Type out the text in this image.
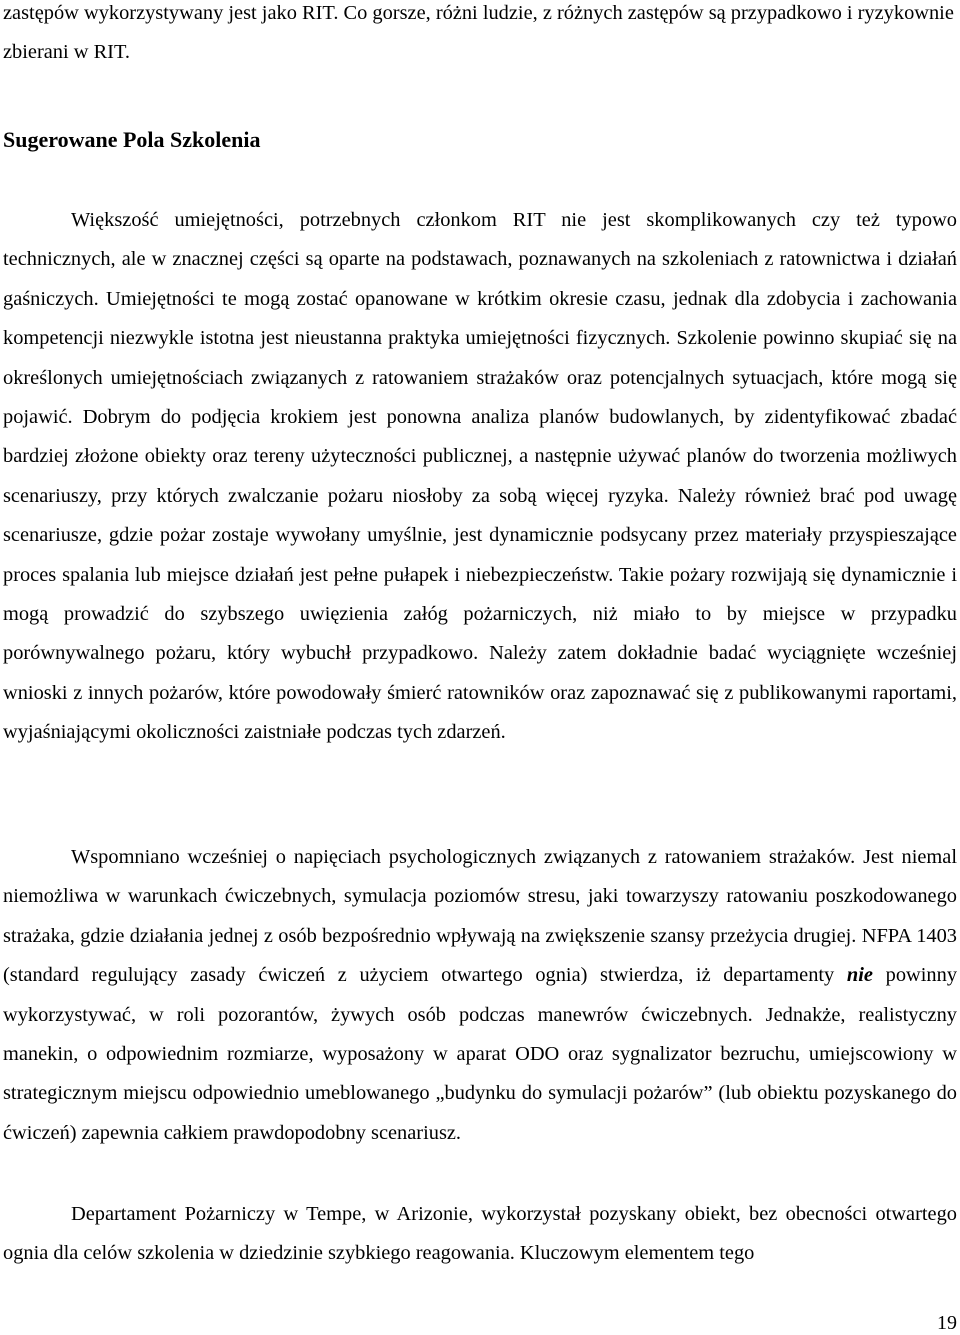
zastępów wykorzystywany jest jako RIT. Co gorsze, różni ludzie, z różnych zastępów są przypadkowo i ryzykownie zbierani w RIT.

Sugerowane Pola Szkolenia

Większość umiejętności, potrzebnych członkom RIT nie jest skomplikowanych czy też typowo technicznych, ale w znacznej części są oparte na podstawach, poznawanych na szkoleniach z ratownictwa i działań gaśniczych. Umiejętności te mogą zostać opanowane w krótkim okresie czasu, jednak dla zdobycia i zachowania kompetencji niezwykle istotna jest nieustanna praktyka umiejętności fizycznych. Szkolenie powinno skupiać się na określonych umiejętnościach związanych z ratowaniem strażaków oraz potencjalnych sytuacjach, które mogą się pojawić. Dobrym do podjęcia krokiem jest ponowna analiza planów budowlanych, by zidentyfikować zbadać bardziej złożone obiekty oraz tereny użyteczności publicznej, a następnie używać planów do tworzenia możliwych scenariuszy, przy których zwalczanie pożaru niosłoby za sobą więcej ryzyka. Należy również brać pod uwagę scenariusze, gdzie pożar zostaje wywołany umyślnie, jest dynamicznie podsycany przez materiały przyspieszające proces spalania lub miejsce działań jest pełne pułapek i niebezpieczeństw. Takie pożary rozwijają się dynamicznie i mogą prowadzić do szybszego uwięzienia załóg pożarniczych, niż miało to by miejsce w przypadku porównywalnego pożaru, który wybuchł przypadkowo. Należy zatem dokładnie badać wyciągnięte wcześniej wnioski z innych pożarów, które powodowały śmierć ratowników oraz zapoznawać się z publikowanymi raportami, wyjaśniającymi okoliczności zaistniałe podczas tych zdarzeń.

Wspomniano wcześniej o napięciach psychologicznych związanych z ratowaniem strażaków. Jest niemal niemożliwa w warunkach ćwiczebnych, symulacja poziomów stresu, jaki towarzyszy ratowaniu poszkodowanego strażaka, gdzie działania jednej z osób bezpośrednio wpływają na zwiększenie szansy przeżycia drugiej. NFPA 1403 (standard regulujący zasady ćwiczeń z użyciem otwartego ognia) stwierdza, iż departamenty nie powinny wykorzystywać, w roli pozorantów, żywych osób podczas manewrów ćwiczebnych. Jednakże, realistyczny manekin, o odpowiednim rozmiarze, wyposażony w aparat ODO oraz sygnalizator bezruchu, umiejscowiony w strategicznym miejscu odpowiednio umeblowanego „budynku do symulacji pożarów” (lub obiektu pozyskanego do ćwiczeń) zapewnia całkiem prawdopodobny scenariusz.

Departament Pożarniczy w Tempe, w Arizonie, wykorzystał pozyskany obiekt, bez obecności otwartego ognia dla celów szkolenia w dziedzinie szybkiego reagowania. Kluczowym elementem tego

19
